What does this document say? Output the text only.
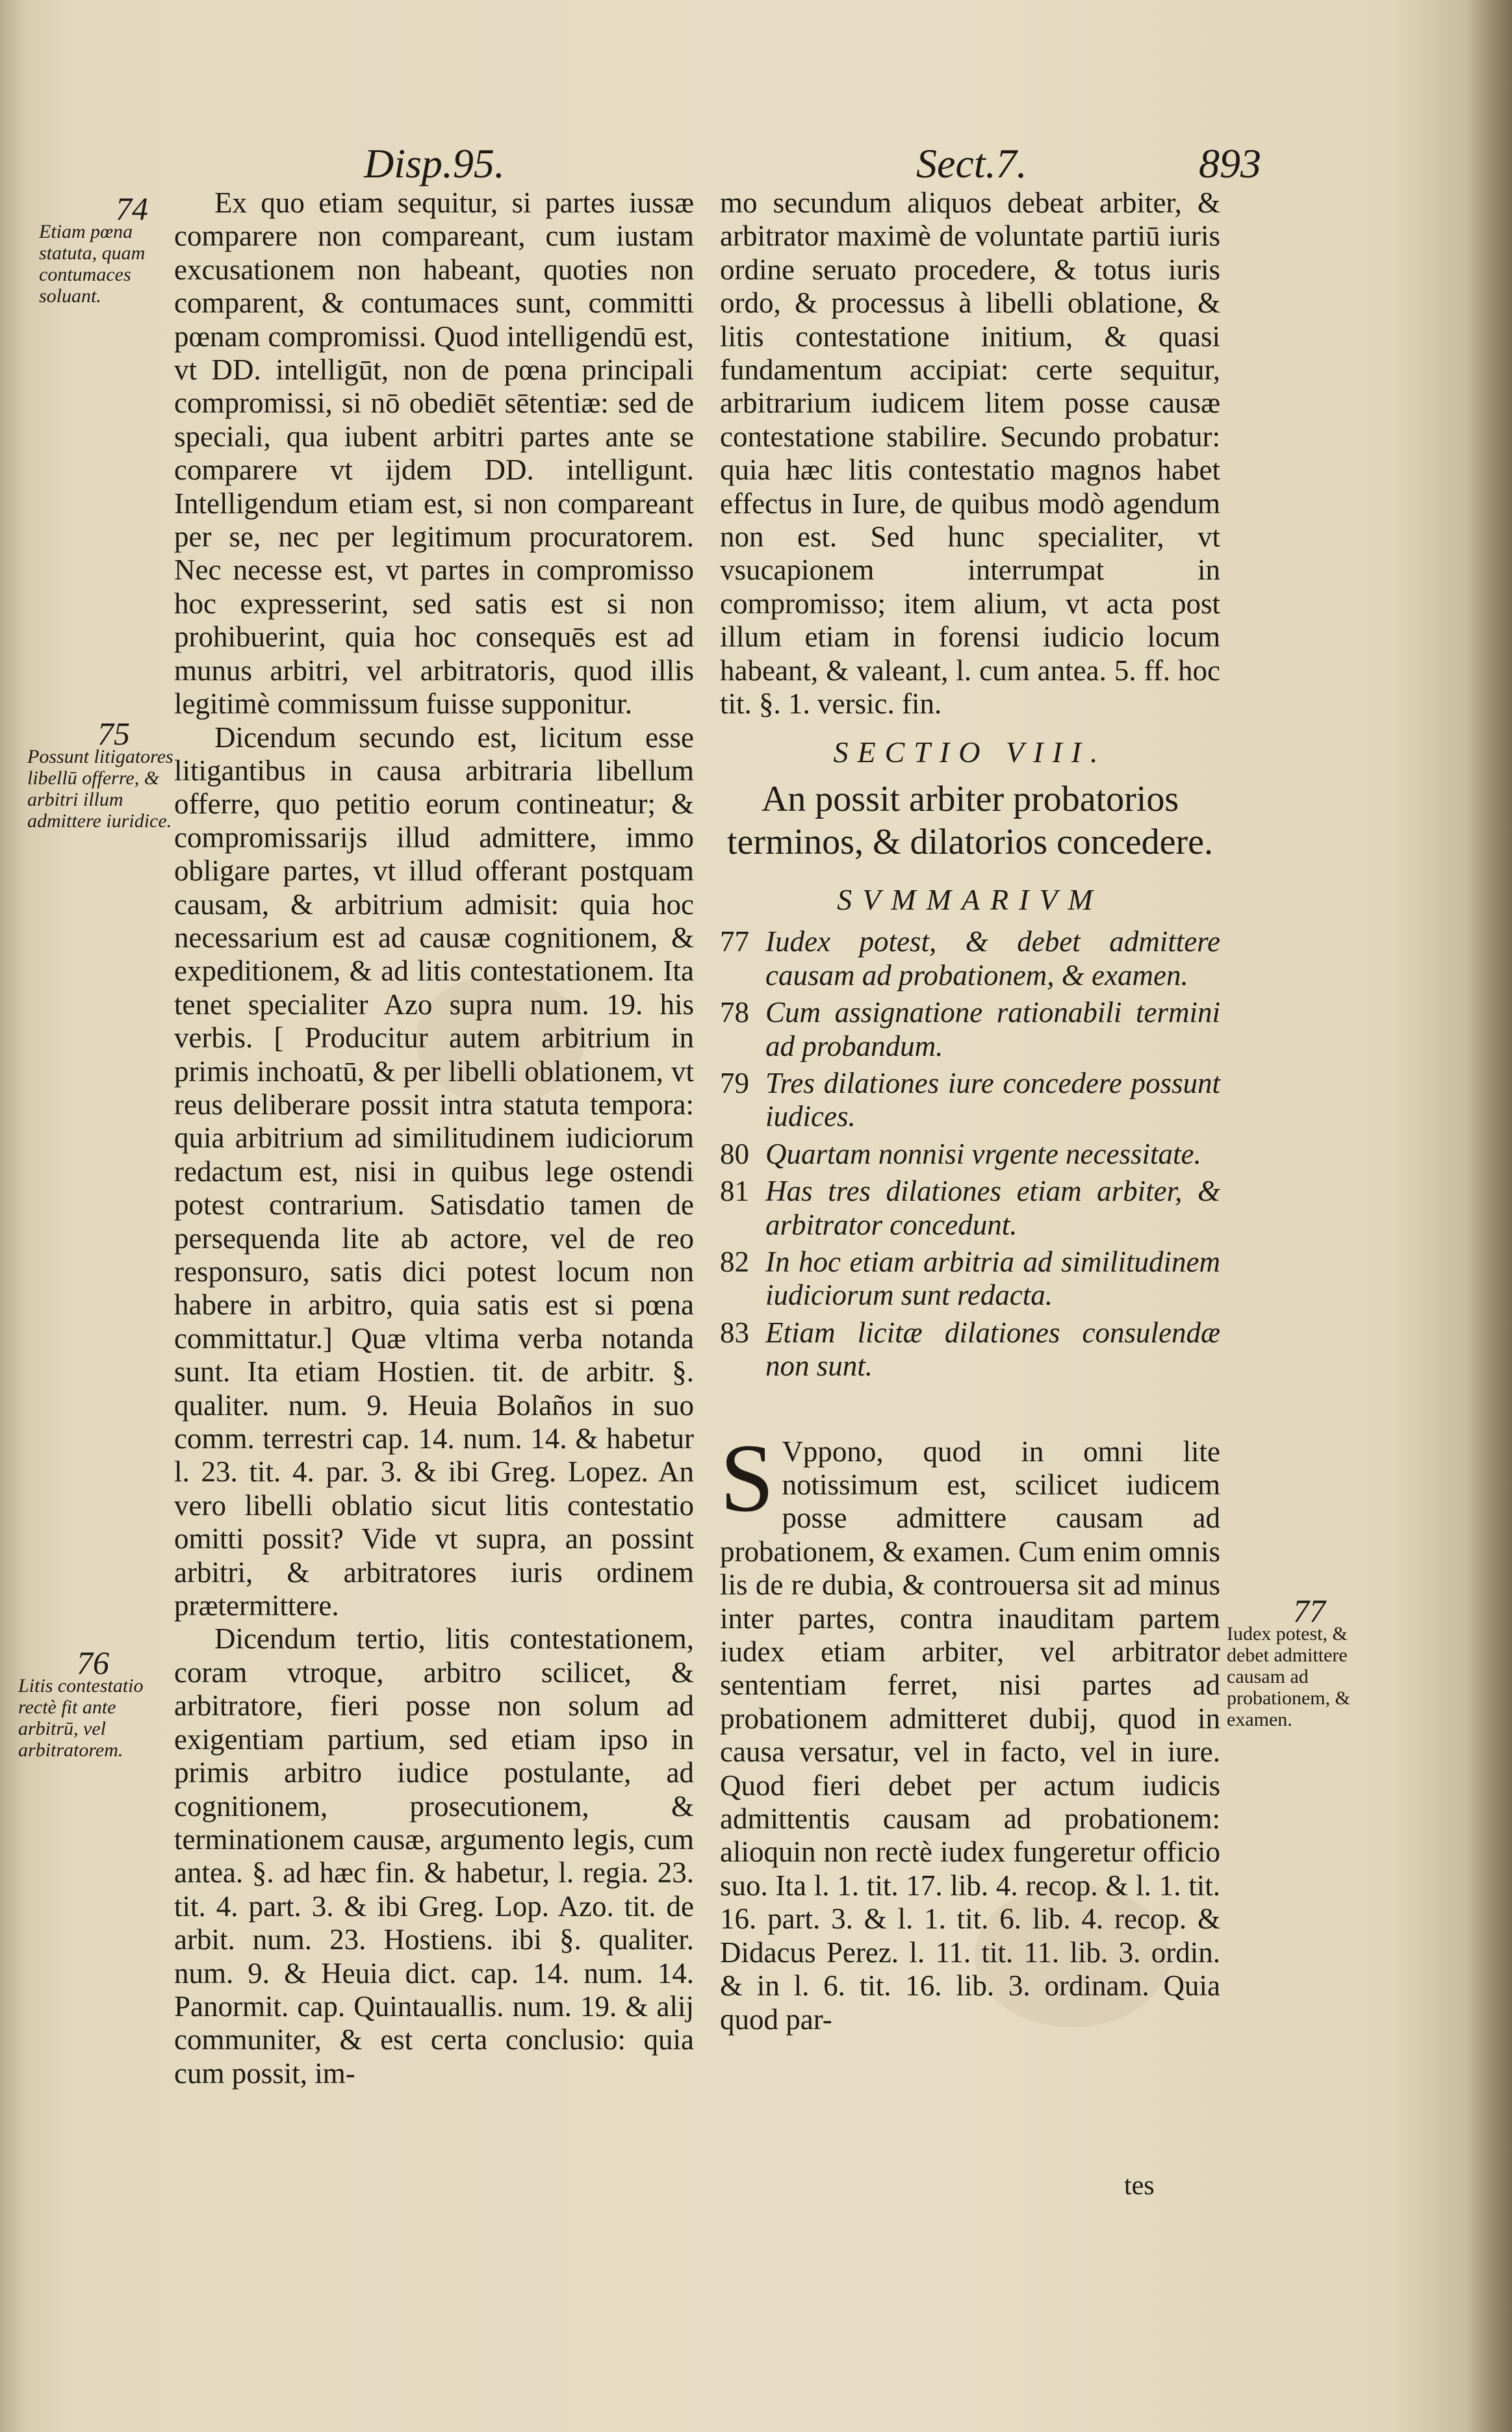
Disp.95.	Sect.7.	893
74
Etiam pœna statuta, quam contumaces soluant.
75
Possunt litigatores libellū offerre, & arbitri illum admittere iuridice.
76
Litis contestatio rectè fit ante arbitrū, vel arbitratorem.
77
Iudex potest, & debet admittere causam ad probationem, & examen.

Ex quo etiam sequitur, si partes iussæ comparere non compareant, cum iustam excusationem non habeant, quoties non comparent, & contumaces sunt, committi pœnam compromissi. Quod intelligendū est, vt DD. intelligūt, non de pœna principali compromissi, si nō obediēt sētentiæ: sed de speciali, qua iubent arbitri partes ante se comparere vt ijdem DD. intelligunt. Intelligendum etiam est, si non compareant per se, nec per legitimum procuratorem. Nec necesse est, vt partes in compromisso hoc expresserint, sed satis est si non prohibuerint, quia hoc consequēs est ad munus arbitri, vel arbitratoris, quod illis legitimè commissum fuisse supponitur.

Dicendum secundo est, licitum esse litigantibus in causa arbitraria libellum offerre, quo petitio eorum contineatur; & compromissarijs illud admittere, immo obligare partes, vt illud offerant postquam causam, & arbitrium admisit: quia hoc necessarium est ad causæ cognitionem, & expeditionem, & ad litis contestationem. Ita tenet specialiter Azo supra num. 19. his verbis. [ Producitur autem arbitrium in primis inchoatū, & per libelli oblationem, vt reus deliberare possit intra statuta tempora: quia arbitrium ad similitudinem iudiciorum redactum est, nisi in quibus lege ostendi potest contrarium. Satisdatio tamen de persequenda lite ab actore, vel de reo responsuro, satis dici potest locum non habere in arbitro, quia satis est si pœna committatur.] Quæ vltima verba notanda sunt. Ita etiam Hostien. tit. de arbitr. §. qualiter. num. 9. Heuia Bolaños in suo comm. terrestri cap. 14. num. 14. & habetur l. 23. tit. 4. par. 3. & ibi Greg. Lopez. An vero libelli oblatio sicut litis contestatio omitti possit? Vide vt supra, an possint arbitri, & arbitratores iuris ordinem prætermittere.

Dicendum tertio, litis contestationem, coram vtroque, arbitro scilicet, & arbitratore, fieri posse non solum ad exigentiam partium, sed etiam ipso in primis arbitro iudice postulante, ad cognitionem, prosecutionem, & terminationem causæ, argumento legis, cum antea. §. ad hæc fin. & habetur, l. regia. 23. tit. 4. part. 3. & ibi Greg. Lop. Azo. tit. de arbit. num. 23. Hostiens. ibi §. qualiter. num. 9. & Heuia dict. cap. 14. num. 14. Panormit. cap. Quintauallis. num. 19. & alij communiter, & est certa conclusio: quia cum possit, im-

mo secundum aliquos debeat arbiter, & arbitrator maximè de voluntate partiū iuris ordine seruato procedere, & totus iuris ordo, & processus à libelli oblatione, & litis contestatione initium, & quasi fundamentum accipiat: certe sequitur, arbitrarium iudicem litem posse causæ contestatione stabilire. Secundo probatur: quia hæc litis contestatio magnos habet effectus in Iure, de quibus modò agendum non est. Sed hunc specialiter, vt vsucapionem interrumpat in compromisso; item alium, vt acta post illum etiam in forensi iudicio locum habeant, & valeant, l. cum antea. 5. ff. hoc tit. §. 1. versic. fin.

SECTIO VIII.
An possit arbiter probatorios terminos, & dilatorios concedere.
SVMMARIVM
77 Iudex potest, & debet admittere causam ad probationem, & examen.
78 Cum assignatione rationabili termini ad probandum.
79 Tres dilationes iure concedere possunt iudices.
80 Quartam nonnisi vrgente necessitate.
81 Has tres dilationes etiam arbiter, & arbitrator concedunt.
82 In hoc etiam arbitria ad similitudinem iudiciorum sunt redacta.
83 Etiam licitæ dilationes consulendæ non sunt.
S Vppono, quod in omni lite notissimum est, scilicet iudicem posse admittere causam ad probationem, & examen. Cum enim omnis lis de re dubia, & controuersa sit ad minus inter partes, contra inauditam partem iudex etiam arbiter, vel arbitrator sententiam ferret, nisi partes ad probationem admitteret dubij, quod in causa versatur, vel in facto, vel in iure. Quod fieri debet per actum iudicis admittentis causam ad probationem: alioquin non rectè iudex fungeretur officio suo. Ita l. 1. tit. 17. lib. 4. recop. & l. 1. tit. 16. part. 3. & l. 1. tit. 6. lib. 4. recop. & Didacus Perez. l. 11. tit. 11. lib. 3. ordin. & in l. 6. tit. 16. lib. 3. ordinam. Quia quod par-
tes
